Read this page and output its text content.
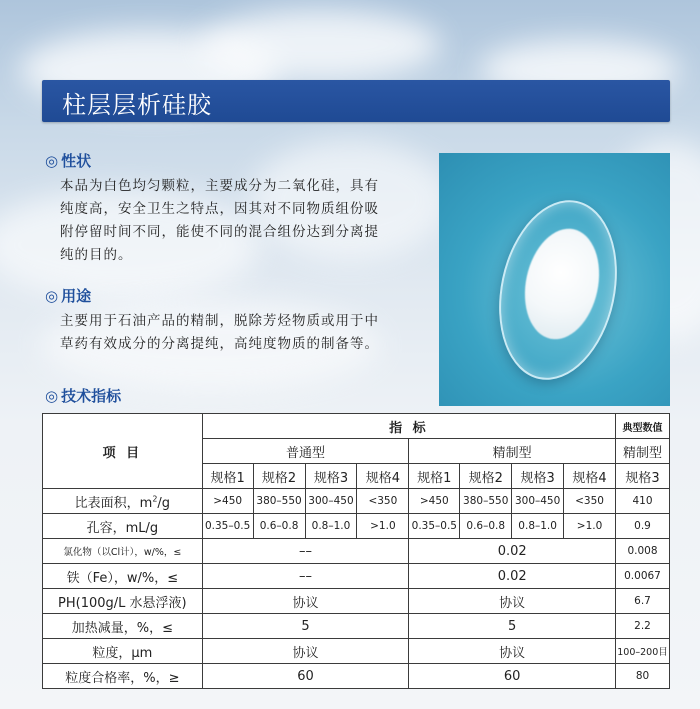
柱层层析硅胶
◎ 性状
本品为白色均匀颗粒，主要成分为二氧化硅，具有
纯度高，安全卫生之特点，因其对不同物质组份吸
附停留时间不同，能使不同的混合组份达到分离提
纯的目的。
◎ 用途
主要用于石油产品的精制，脱除芳烃物质或用于中
草药有效成分的分离提纯，高纯度物质的制备等。
◎ 技术指标
项 目	指 标								典型数值
	普通型				精制型				精制型
	规格1	规格2	规格3	规格4	规格1	规格2	规格3	规格4	规格3
比表面积，$m^2/g$	>450	380–550	300–450	<350	>450	380–550	300–450	<350	410
孔容，mL/g	0.35–0.5	0.6–0.8	0.8–1.0	>1.0	0.35–0.5	0.6–0.8	0.8–1.0	>1.0	0.9
氯化物（以Cl计），w/%，≤	––				0.02				0.008
铁（Fe），w/%，≤	––				0.02				0.0067
PH(100g/L 水悬浮液)	协议				协议				6.7
加热减量，%，≤	5				5				2.2
粒度，μm	协议				协议				100–200目
粒度合格率，%，≥	60				60				80
